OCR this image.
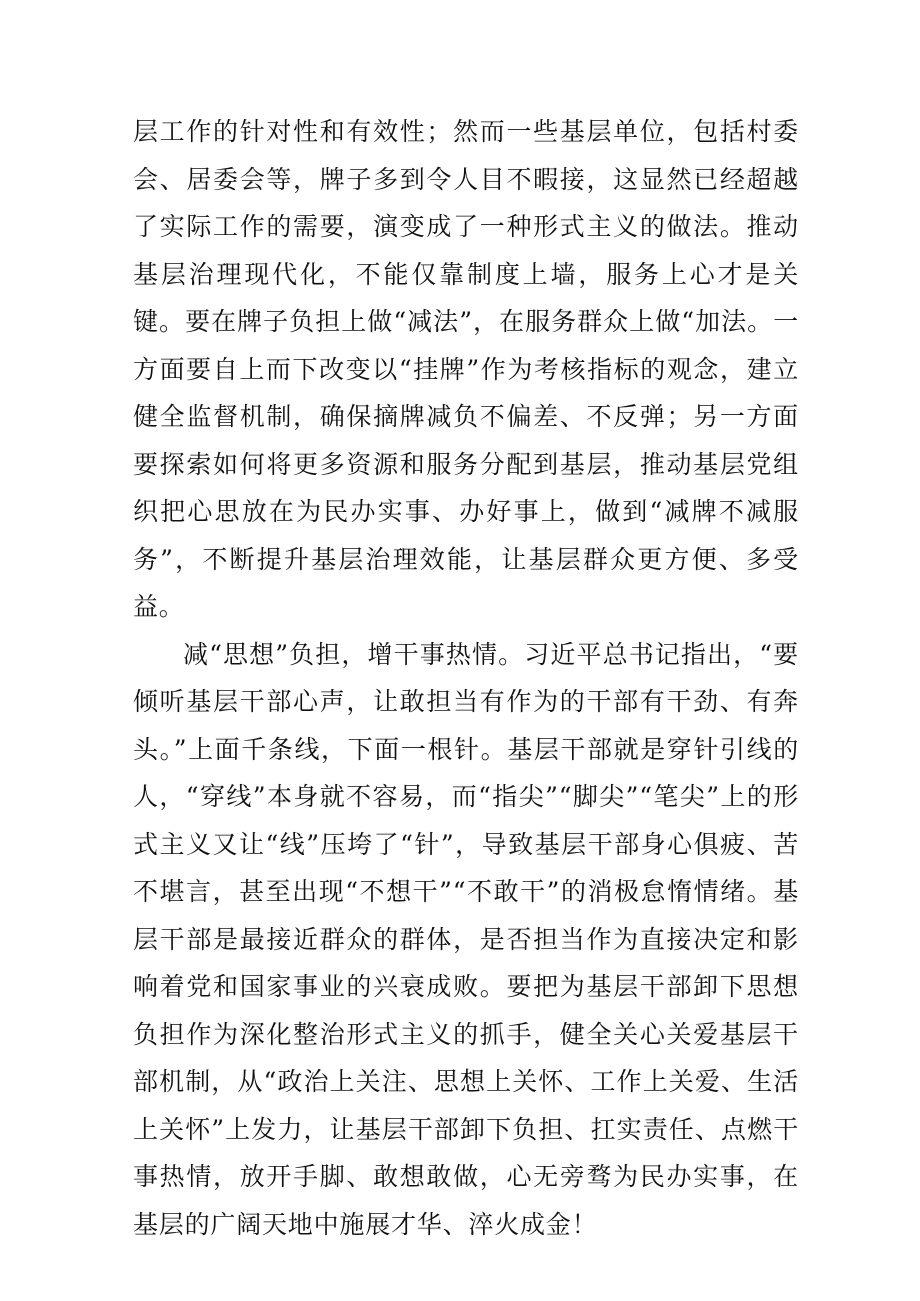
层工作的针对性和有效性；然而一些基层单位，包括村委会、居委会等，牌子多到令人目不暇接，这显然已经超越了实际工作的需要，演变成了一种形式主义的做法。推动基层治理现代化，不能仅靠制度上墙，服务上心才是关键。要在牌子负担上做“减法”，在服务群众上做“加法。一方面要自上而下改变以“挂牌”作为考核指标的观念，建立健全监督机制，确保摘牌减负不偏差、不反弹；另一方面要探索如何将更多资源和服务分配到基层，推动基层党组织把心思放在为民办实事、办好事上，做到“减牌不减服务”，不断提升基层治理效能，让基层群众更方便、多受益。

减“思想”负担，增干事热情。习近平总书记指出，“要倾听基层干部心声，让敢担当有作为的干部有干劲、有奔头。”上面千条线，下面一根针。基层干部就是穿针引线的人，“穿线”本身就不容易，而“指尖”“脚尖”“笔尖”上的形式主义又让“线”压垮了“针”，导致基层干部身心俱疲、苦不堪言，甚至出现“不想干”“不敢干”的消极怠惰情绪。基层干部是最接近群众的群体，是否担当作为直接决定和影响着党和国家事业的兴衰成败。要把为基层干部卸下思想负担作为深化整治形式主义的抓手，健全关心关爱基层干部机制，从“政治上关注、思想上关怀、工作上关爱、生活上关怀”上发力，让基层干部卸下负担、扛实责任、点燃干事热情，放开手脚、敢想敢做，心无旁骛为民办实事，在基层的广阔天地中施展才华、淬火成金！
